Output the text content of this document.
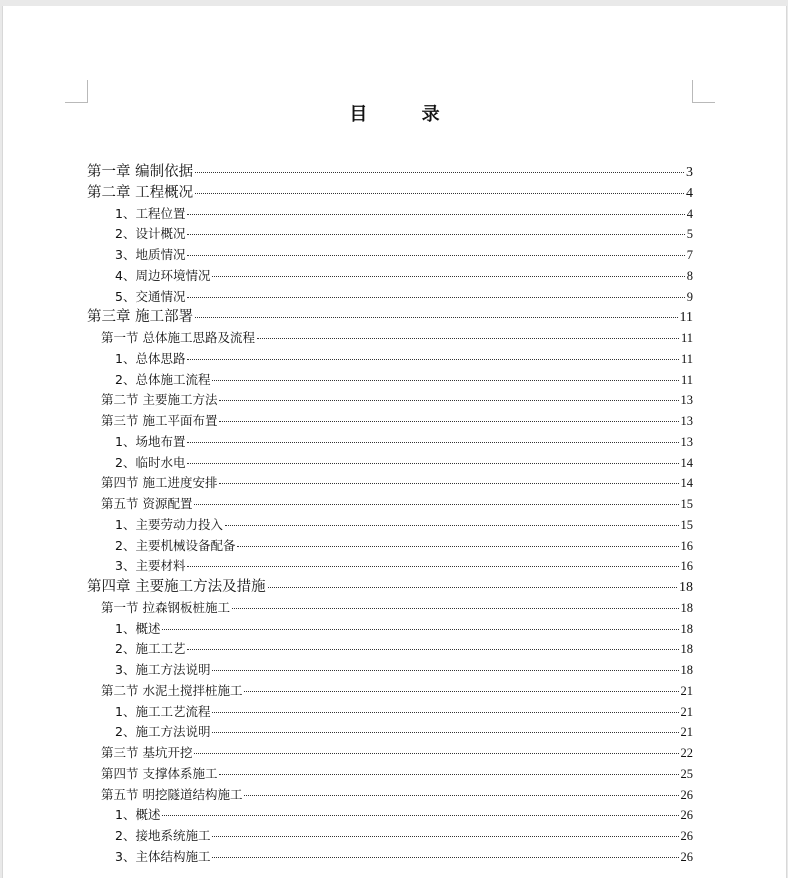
目 录
第一章 编制依据	3
第二章 工程概况	4
1、工程位置	4
2、设计概况	5
3、地质情况	7
4、周边环境情况	8
5、交通情况	9
第三章 施工部署	11
第一节 总体施工思路及流程	11
1、总体思路	11
2、总体施工流程	11
第二节 主要施工方法	13
第三节 施工平面布置	13
1、场地布置	13
2、临时水电	14
第四节 施工进度安排	14
第五节 资源配置	15
1、主要劳动力投入	15
2、主要机械设备配备	16
3、主要材料	16
第四章 主要施工方法及措施	18
第一节 拉森钢板桩施工	18
1、概述	18
2、施工工艺	18
3、施工方法说明	18
第二节 水泥土搅拌桩施工	21
1、施工工艺流程	21
2、施工方法说明	21
第三节 基坑开挖	22
第四节 支撑体系施工	25
第五节 明挖隧道结构施工	26
1、概述	26
2、接地系统施工	26
3、主体结构施工	26
